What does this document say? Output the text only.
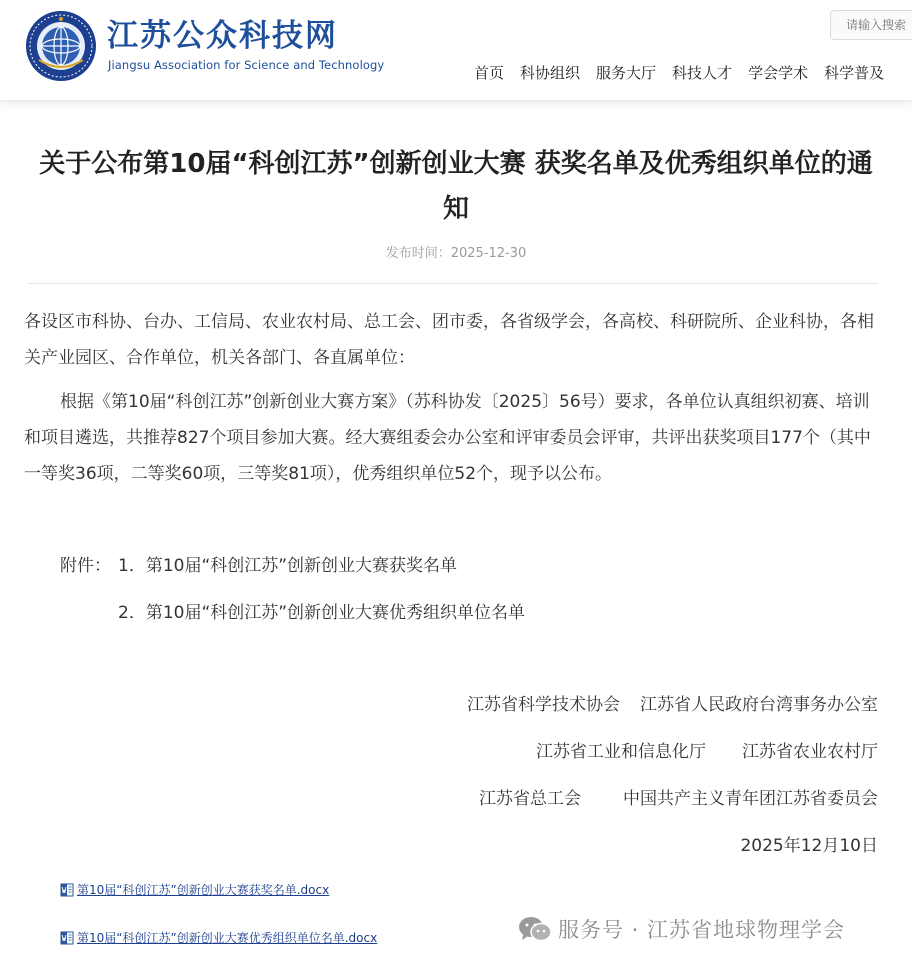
江苏公众科技网
Jiangsu Association for Science and Technology
请输入搜索	首页 科协组织 服务大厅 科技人才 学会学术 科学普及
关于公布第10届“科创江苏”创新创业大赛 获奖名单及优秀组织单位的通知
发布时间：2025-12-30
各设区市科协、台办、工信局、农业农村局、总工会、团市委，各省级学会，各高校、科研院所、企业科协，各相关产业园区、合作单位，机关各部门、各直属单位：
根据《第10届“科创江苏”创新创业大赛方案》（苏科协发〔2025〕56号）要求，各单位认真组织初赛、培训和项目遴选，共推荐827个项目参加大赛。经大赛组委会办公室和评审委员会评审，共评出获奖项目177个（其中一等奖36项，二等奖60项，三等奖81项），优秀组织单位52个，现予以公布。
附件： 1．第10届“科创江苏”创新创业大赛获奖名单
2．第10届“科创江苏”创新创业大赛优秀组织单位名单
江苏省科学技术协会 江苏省人民政府台湾事务办公室
江苏省工业和信息化厅 江苏省农业农村厅
江苏省总工会 中国共产主义青年团江苏省委员会
2025年12月10日
第10届“科创江苏”创新创业大赛获奖名单.docx
第10届“科创江苏”创新创业大赛优秀组织单位名单.docx	服务号 · 江苏省地球物理学会
